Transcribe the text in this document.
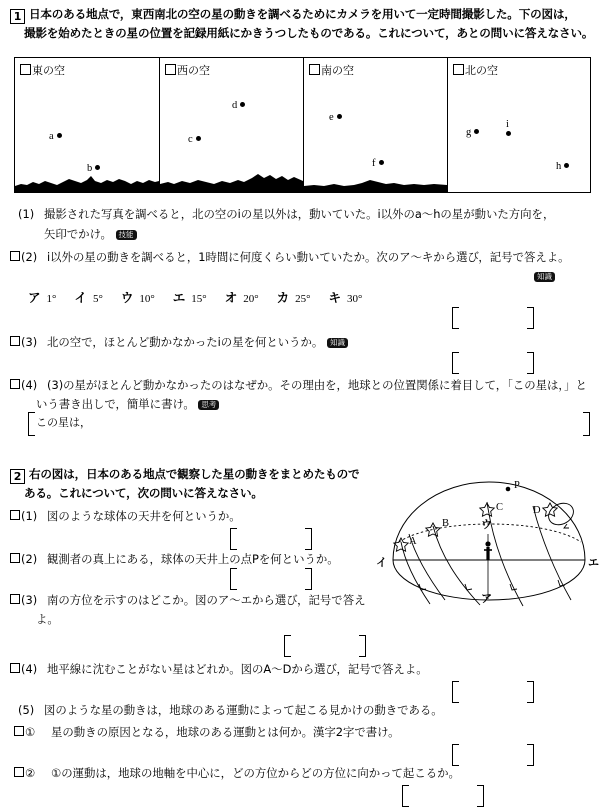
1 日本のある地点で，東西南北の空の星の動きを調べるためにカメラを用いて一定時間撮影した。下の図は，
撮影を始めたときの星の位置を記録用紙にかきうつしたものである。これについて，あとの問いに答えなさい。
東の空
a
b
西の空
d
c
南の空
e
f
北の空
g
i
h
(1) 撮影された写真を調べると，北の空のiの星以外は，動いていた。i以外のa〜hの星が動いた方向を，
矢印でかけ。 技能
(2) i以外の星の動きを調べると，1時間に何度くらい動いていたか。次のア〜キから選び，記号で答えよ。
知識
ア 1° イ 5° ウ 10° エ 15° オ 20° カ 25° キ 30°
(3) 北の空で，ほとんど動かなかったiの星を何というか。 知識
(4) (3)の星がほとんど動かなかったのはなぜか。その理由を，地球との位置関係に着目して，「この星は，」と
いう書き出しで，簡単に書け。 思考
この星は，
2 右の図は，日本のある地点で観察した星の動きをまとめたもので
ある。これについて，次の問いに答えなさい。
P
A
B
C	D
ア
イ
ウ
エ
(1) 図のような球体の天井を何というか。
(2) 観測者の真上にある，球体の天井上の点Pを何というか。
(3) 南の方位を示すのはどこか。図のア〜エから選び，記号で答え
よ。
(4) 地平線に沈むことがない星はどれか。図のA〜Dから選び，記号で答えよ。
(5) 図のような星の動きは，地球のある運動によって起こる見かけの動きである。
① 星の動きの原因となる，地球のある運動とは何か。漢字2字で書け。
② ①の運動は，地球の地軸を中心に，どの方位からどの方位に向かって起こるか。
